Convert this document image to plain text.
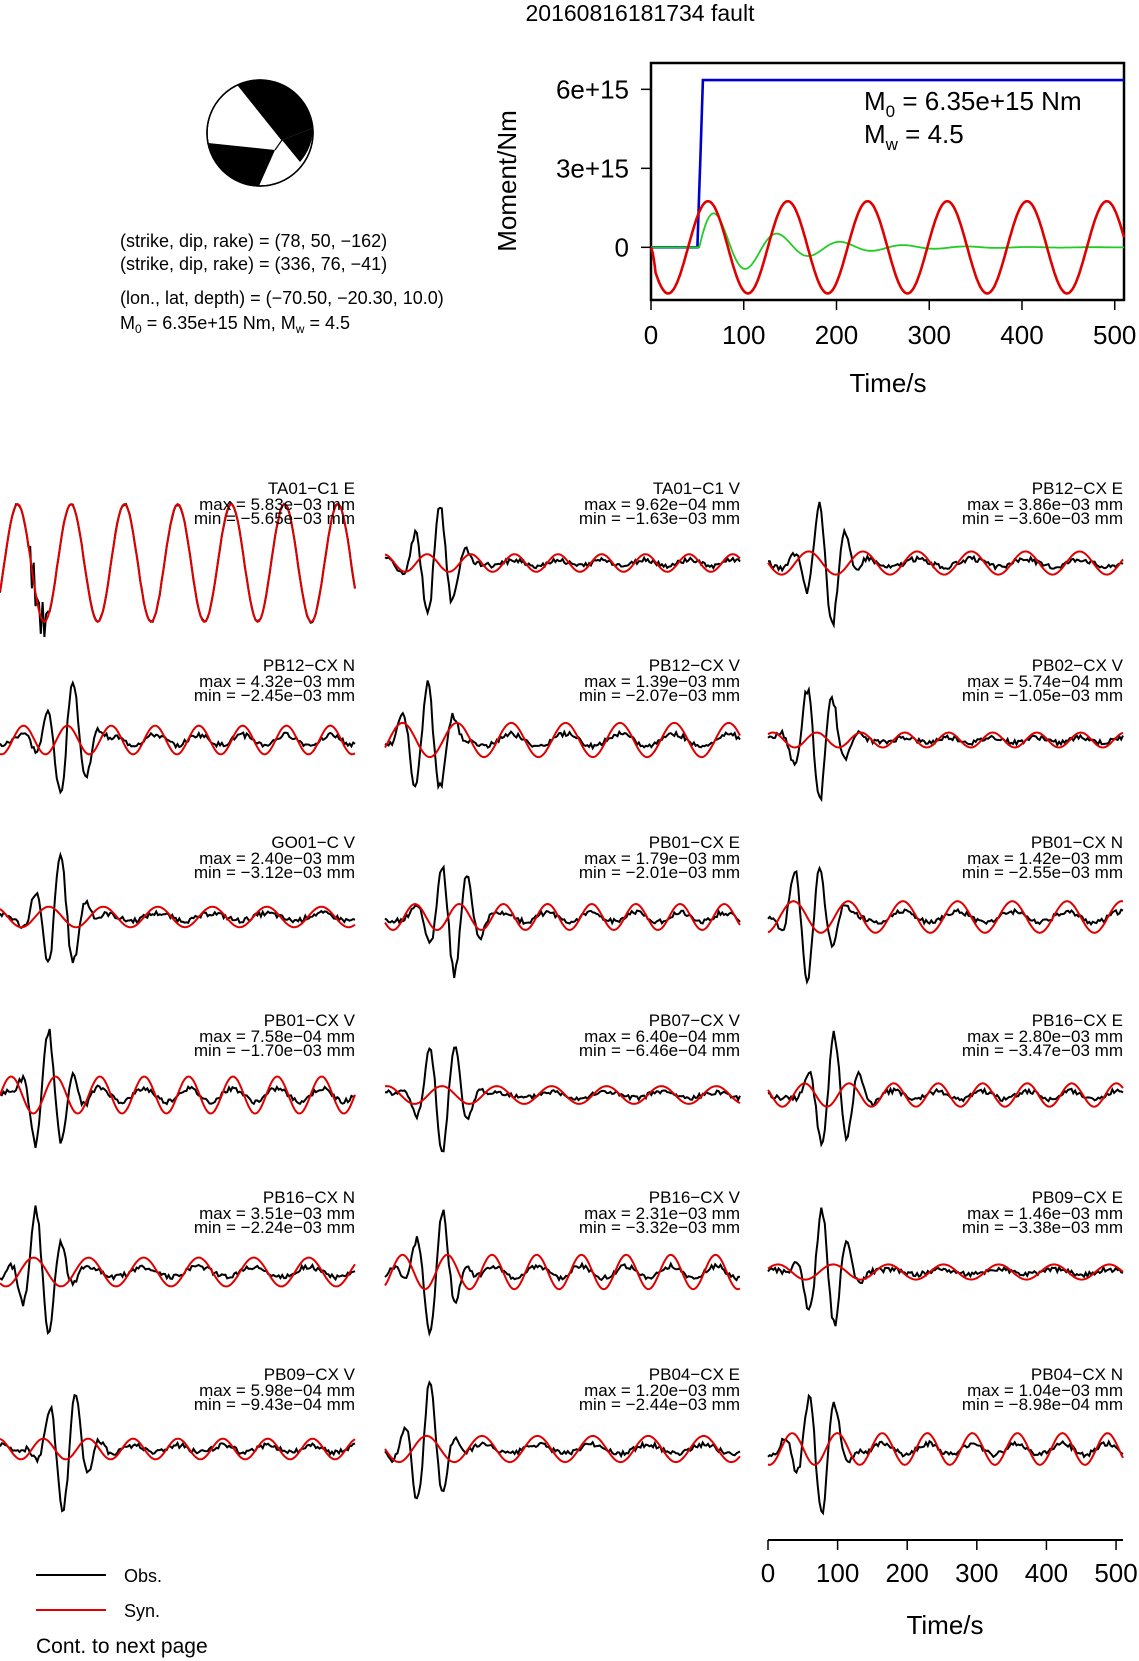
20160816181734 fault
(strike, dip, rake) = (78, 50, −162)
(strike, dip, rake) = (336, 76, −41)
(lon., lat, depth) = (−70.50, −20.30, 10.0)
$M_0 = 6.35e+15$ Nm, $M_w = 4.5$	0 100 200 300 400 500
0
3e+15
6e+15
Moment/Nm
Time/s
$M_0 = 6.35e+15$ Nm
$M_w = 4.5$
TA01−C1 E
max = 5.83e−03 mm
min = −5.65e−03 mm
TA01−C1 V
max = 9.62e−04 mm
min = −1.63e−03 mm
PB12−CX E
max = 3.86e−03 mm
min = −3.60e−03 mm
PB12−CX N
max = 4.32e−03 mm
min = −2.45e−03 mm
PB12−CX V
max = 1.39e−03 mm
min = −2.07e−03 mm
PB02−CX V
max = 5.74e−04 mm
min = −1.05e−03 mm
GO01−C V
max = 2.40e−03 mm
min = −3.12e−03 mm
PB01−CX E
max = 1.79e−03 mm
min = −2.01e−03 mm
PB01−CX N
max = 1.42e−03 mm
min = −2.55e−03 mm
PB01−CX V
max = 7.58e−04 mm
min = −1.70e−03 mm
PB07−CX V
max = 6.40e−04 mm
min = −6.46e−04 mm
PB16−CX E
max = 2.80e−03 mm
min = −3.47e−03 mm
PB16−CX N
max = 3.51e−03 mm
min = −2.24e−03 mm
PB16−CX V
max = 2.31e−03 mm
min = −3.32e−03 mm
PB09−CX E
max = 1.46e−03 mm
min = −3.38e−03 mm
PB09−CX V
max = 5.98e−04 mm
min = −9.43e−04 mm
PB04−CX E
max = 1.20e−03 mm
min = −2.44e−03 mm
PB04−CX N
max = 1.04e−03 mm
min = −8.98e−04 mm
0 100 200 300 400 500
Time/s
Obs.
Syn.
Cont. to next page
